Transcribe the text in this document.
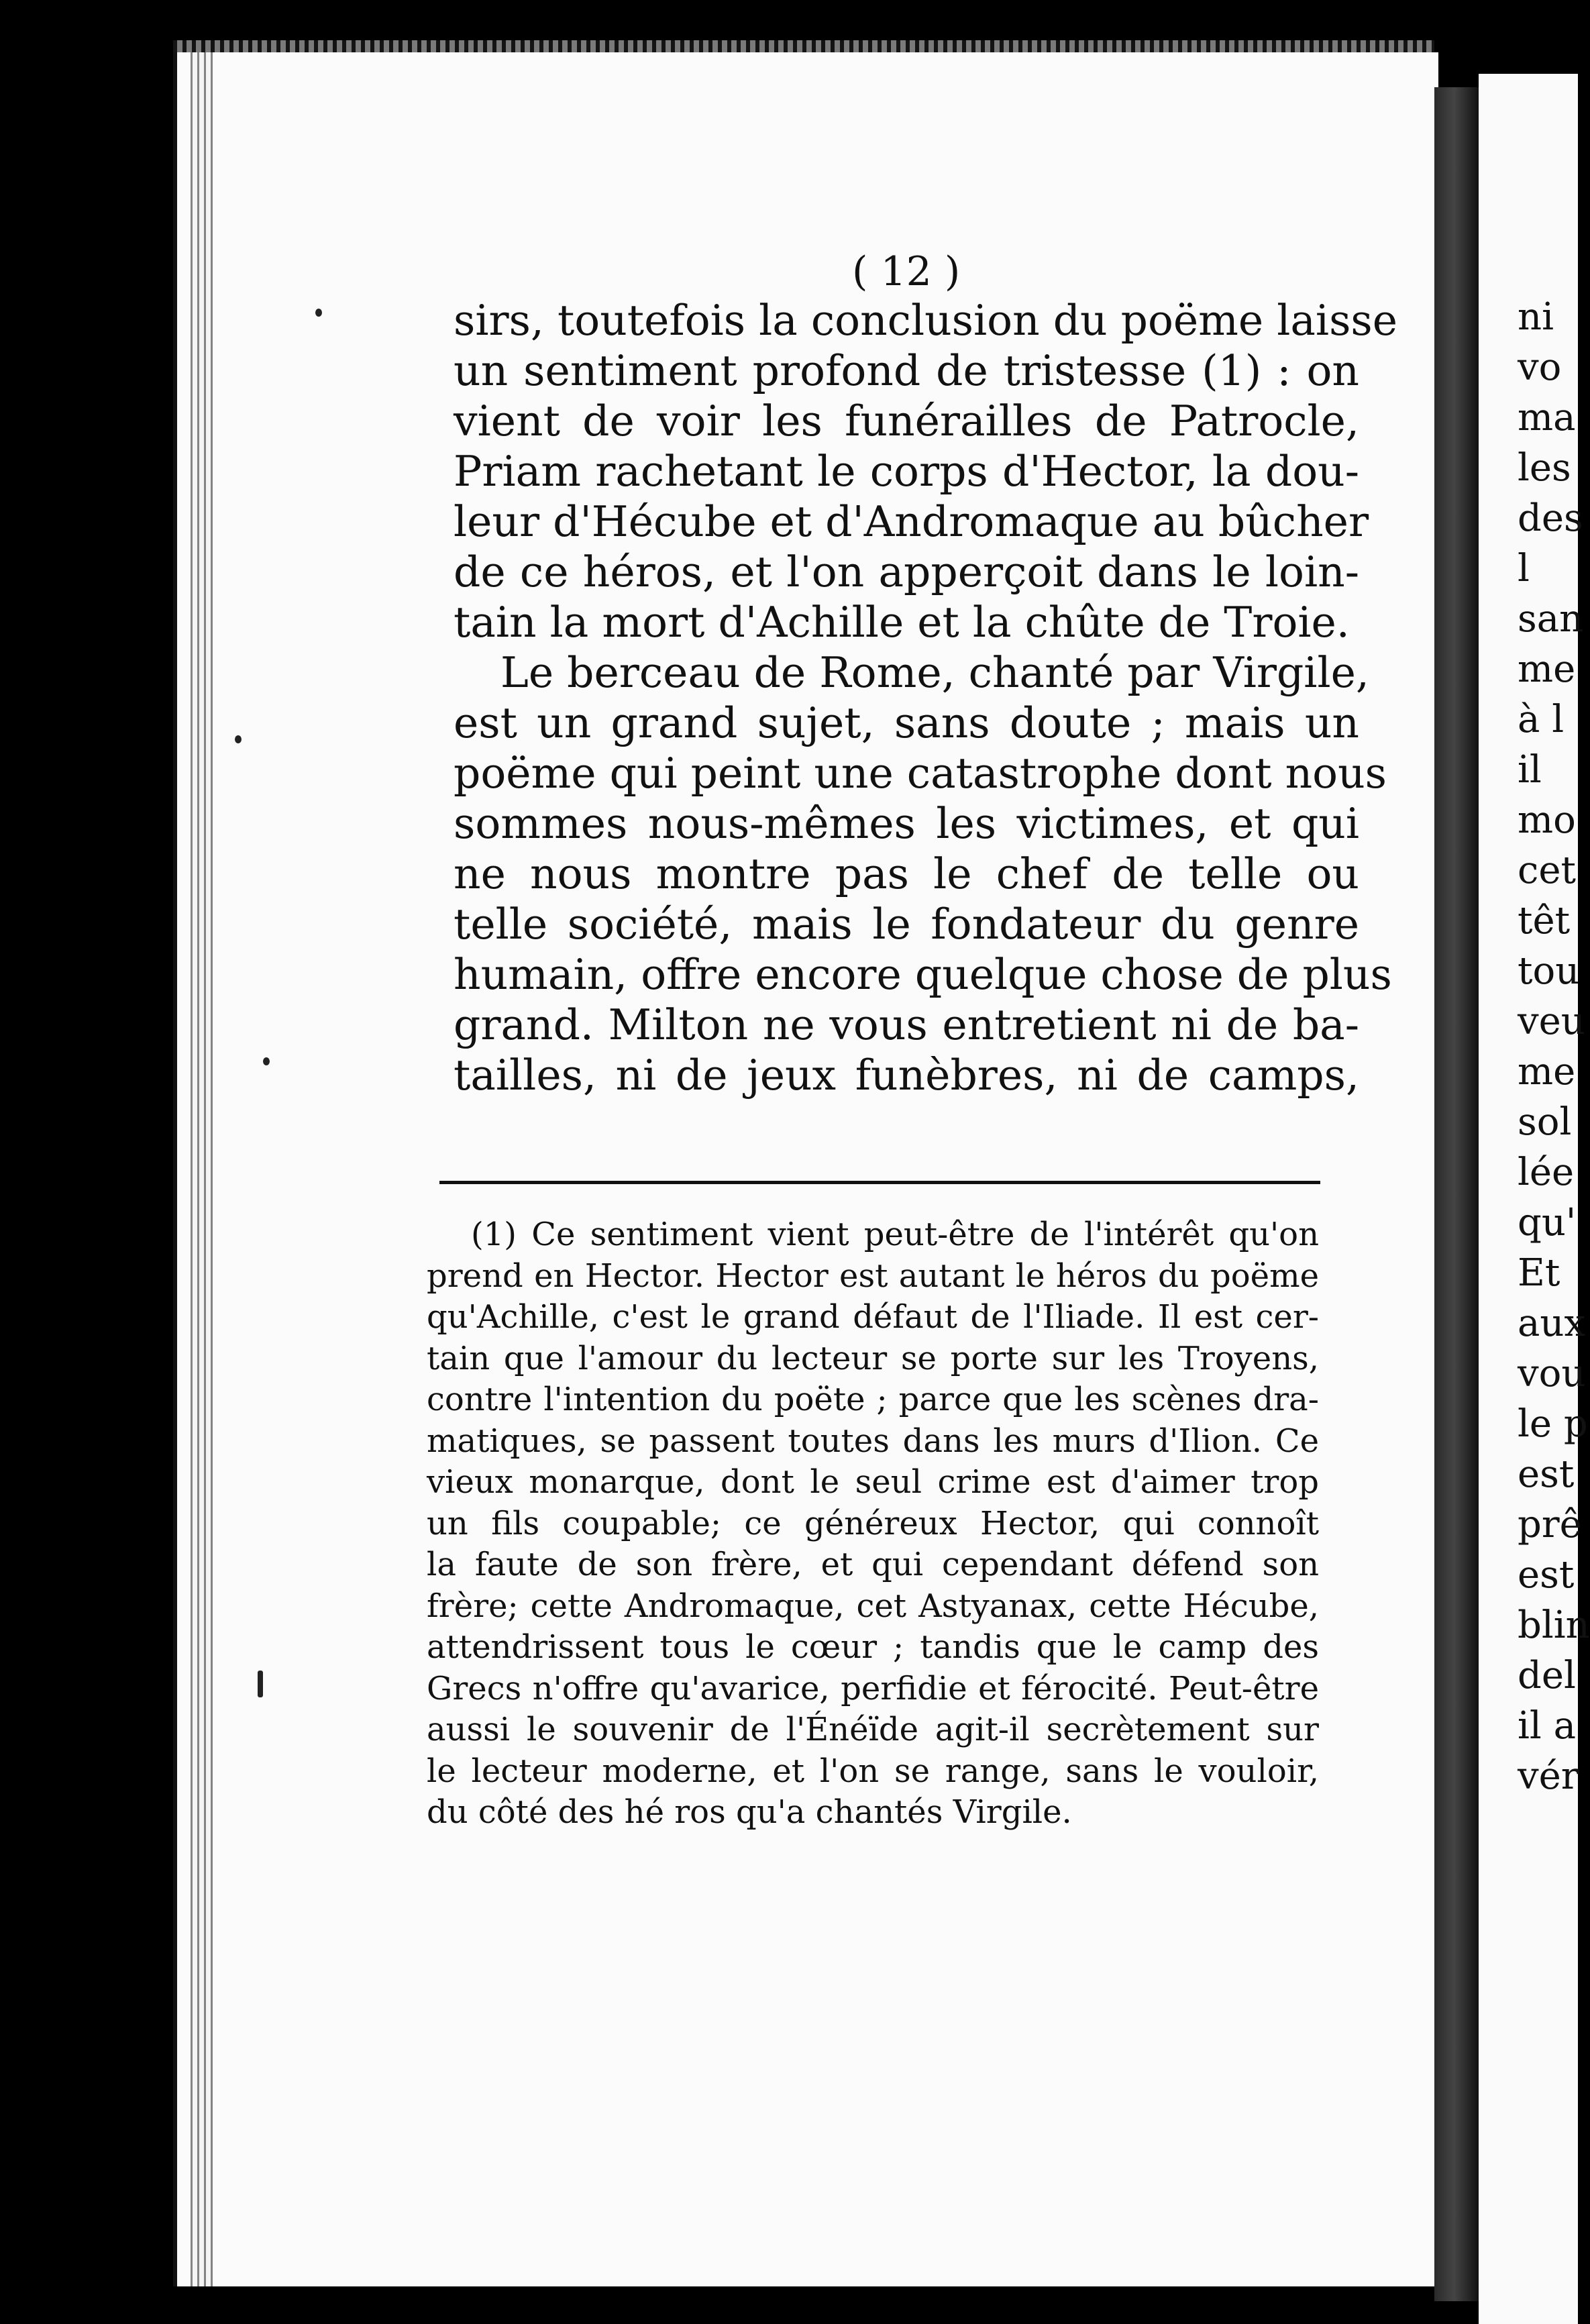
( 12 )
sirs, toutefois la conclusion du poëme laisse
un sentiment profond de tristesse (1) : on
vient de voir les funérailles de Patrocle,
Priam rachetant le corps d'Hector, la dou-
leur d'Hécube et d'Andromaque au bûcher
de ce héros, et l'on apperçoit dans le loin-
tain la mort d'Achille et la chûte de Troie.
Le berceau de Rome, chanté par Virgile,
est un grand sujet, sans doute ; mais un
poëme qui peint une catastrophe dont nous
sommes nous-mêmes les victimes, et qui
ne nous montre pas le chef de telle ou
telle société, mais le fondateur du genre
humain, offre encore quelque chose de plus
grand. Milton ne vous entretient ni de ba-
tailles, ni de jeux funèbres, ni de camps,
(1) Ce sentiment vient peut-être de l'intérêt qu'on
prend en Hector. Hector est autant le héros du poëme
qu'Achille, c'est le grand défaut de l'Iliade. Il est cer-
tain que l'amour du lecteur se porte sur les Troyens,
contre l'intention du poëte ; parce que les scènes dra-
matiques, se passent toutes dans les murs d'Ilion. Ce
vieux monarque, dont le seul crime est d'aimer trop
un fils coupable; ce généreux Hector, qui connoît
la faute de son frère, et qui cependant défend son
frère; cette Andromaque, cet Astyanax, cette Hécube,
attendrissent tous le cœur ; tandis que le camp des
Grecs n'offre qu'avarice, perfidie et férocité. Peut-être
aussi le souvenir de l'Énéïde agit-il secrètement sur
le lecteur moderne, et l'on se range, sans le vouloir,
du côté des hé ros qu'a chantés Virgile.
ni
vo
ma
les
des
l
san
me
à l
il
mo
cet
têt
tou
veu
me
sol
lée
qu'
Et
aux
vou
le p
est
prê
est
blin
del
il a
vér
